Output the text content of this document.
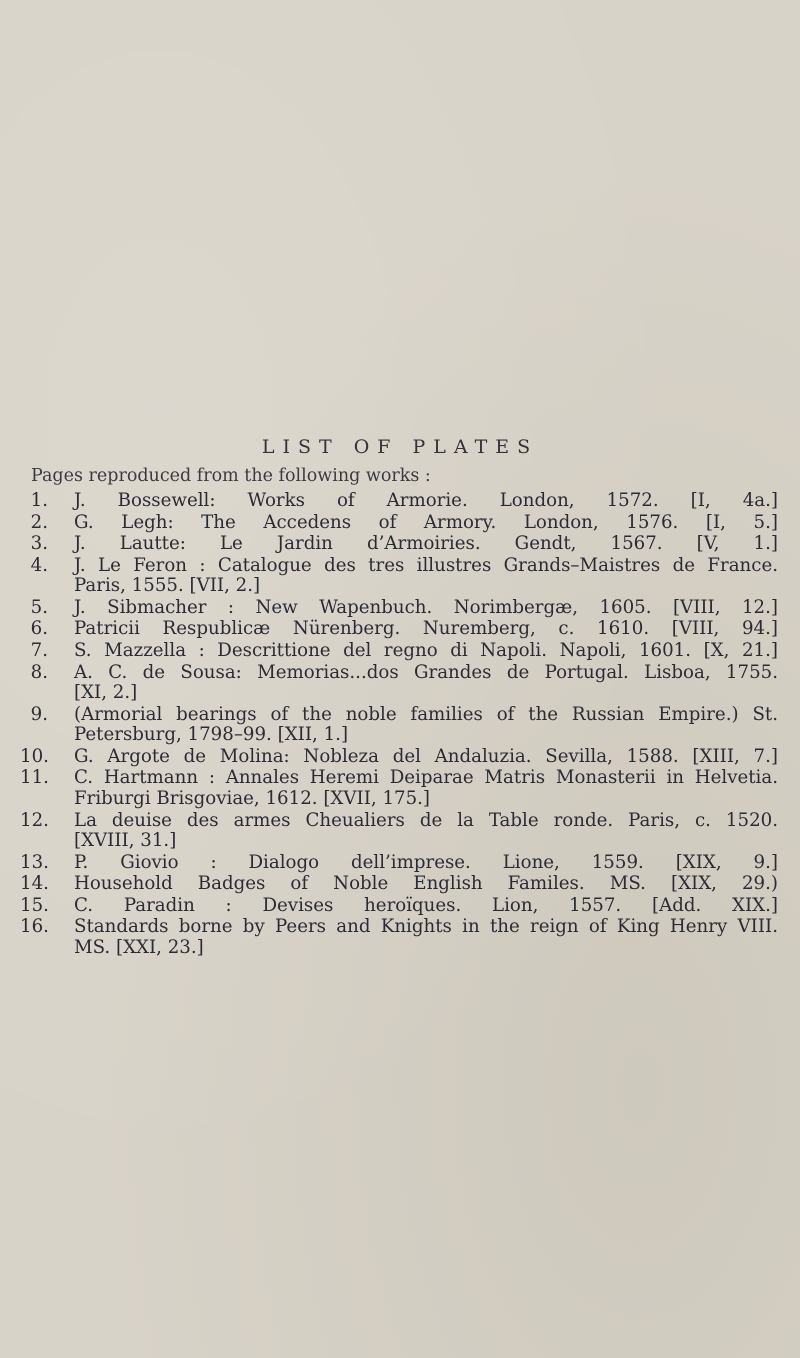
LIST OF PLATES
Pages reproduced from the following works :
1. J. Bossewell: Works of Armorie. London, 1572. [I, 4a.]
2. G. Legh: The Accedens of Armory. London, 1576. [I, 5.]
3. J. Lautte: Le Jardin d’Armoiries. Gendt, 1567. [V, 1.]
4. J. Le Feron : Catalogue des tres illustres Grands–Maistres de France.
Paris, 1555. [VII, 2.]
5. J. Sibmacher : New Wapenbuch. Norimbergæ, 1605. [VIII, 12.]
6. Patricii Respublicæ Nürenberg. Nuremberg, c. 1610. [VIII, 94.]
7. S. Mazzella : Descrittione del regno di Napoli. Napoli, 1601. [X, 21.]
8. A. C. de Sousa: Memorias...dos Grandes de Portugal. Lisboa, 1755.
[XI, 2.]
9. (Armorial bearings of the noble families of the Russian Empire.) St.
Petersburg, 1798–99. [XII, 1.]
10. G. Argote de Molina: Nobleza del Andaluzia. Sevilla, 1588. [XIII, 7.]
11. C. Hartmann : Annales Heremi Deiparae Matris Monasterii in Helvetia.
Friburgi Brisgoviae, 1612. [XVII, 175.]
12. La deuise des armes Cheualiers de la Table ronde. Paris, c. 1520.
[XVIII, 31.]
13. P. Giovio : Dialogo dell’imprese. Lione, 1559. [XIX, 9.]
14. Household Badges of Noble English Familes. MS. [XIX, 29.)
15. C. Paradin : Devises heroïques. Lion, 1557. [Add. XIX.]
16. Standards borne by Peers and Knights in the reign of King Henry VIII.
MS. [XXI, 23.]
